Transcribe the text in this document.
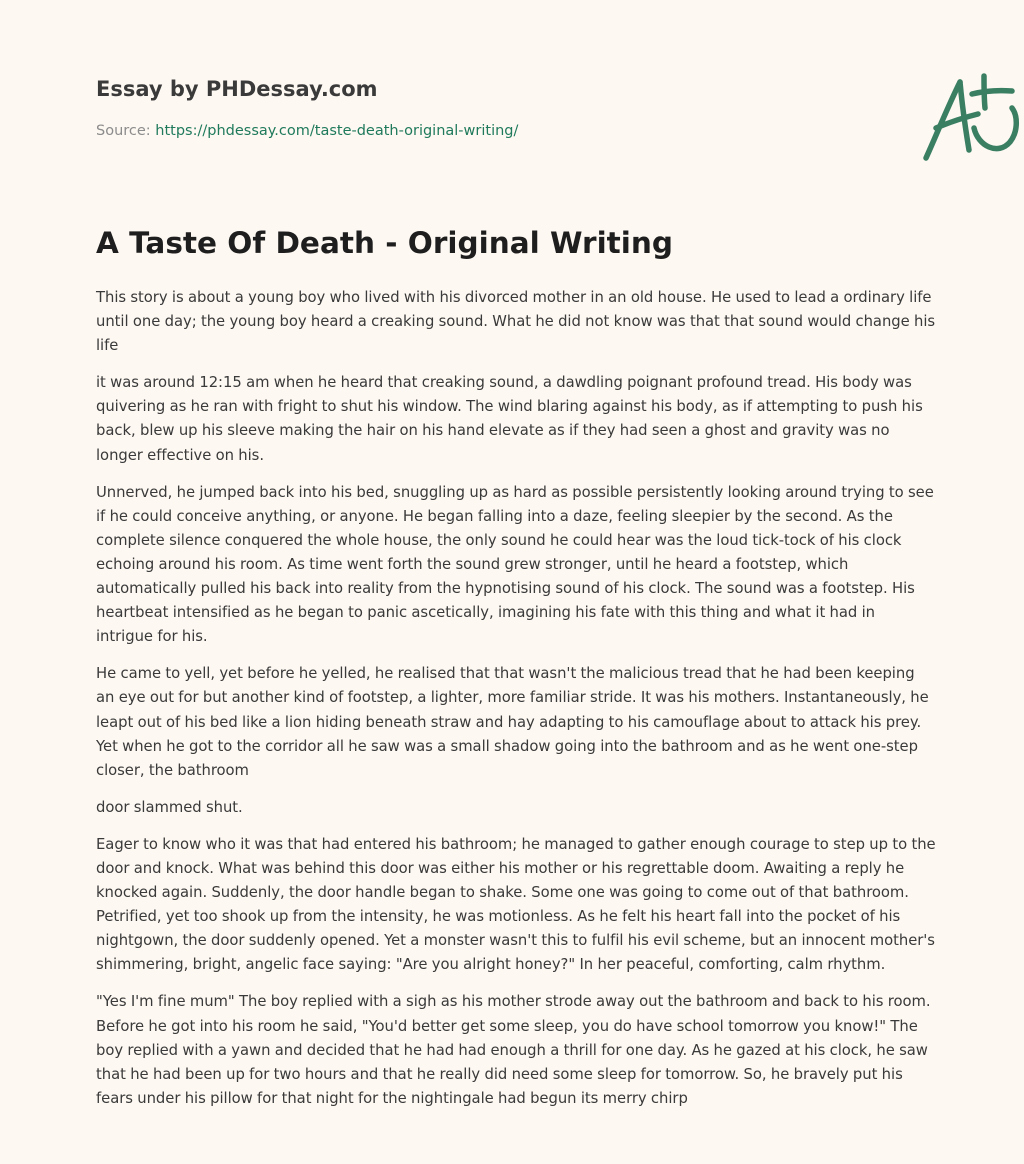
Essay by PHDessay.com
Source: https://phdessay.com/taste-death-original-writing/
A Taste Of Death - Original Writing

This story is about a young boy who lived with his divorced mother in an old house. He used to lead a ordinary life until one day; the young boy heard a creaking sound. What he did not know was that that sound would change his life

it was around 12:15 am when he heard that creaking sound, a dawdling poignant profound tread. His body was quivering as he ran with fright to shut his window. The wind blaring against his body, as if attempting to push his back, blew up his sleeve making the hair on his hand elevate as if they had seen a ghost and gravity was no longer effective on his.

Unnerved, he jumped back into his bed, snuggling up as hard as possible persistently looking around trying to see if he could conceive anything, or anyone. He began falling into a daze, feeling sleepier by the second. As the complete silence conquered the whole house, the only sound he could hear was the loud tick-tock of his clock echoing around his room. As time went forth the sound grew stronger, until he heard a footstep, which automatically pulled his back into reality from the hypnotising sound of his clock. The sound was a footstep. His heartbeat intensified as he began to panic ascetically, imagining his fate with this thing and what it had in intrigue for his.

He came to yell, yet before he yelled, he realised that that wasn't the malicious tread that he had been keeping an eye out for but another kind of footstep, a lighter, more familiar stride. It was his mothers. Instantaneously, he leapt out of his bed like a lion hiding beneath straw and hay adapting to his camouflage about to attack his prey. Yet when he got to the corridor all he saw was a small shadow going into the bathroom and as he went one-step closer, the bathroom

door slammed shut.

Eager to know who it was that had entered his bathroom; he managed to gather enough courage to step up to the door and knock. What was behind this door was either his mother or his regrettable doom. Awaiting a reply he knocked again. Suddenly, the door handle began to shake. Some one was going to come out of that bathroom. Petrified, yet too shook up from the intensity, he was motionless. As he felt his heart fall into the pocket of his nightgown, the door suddenly opened. Yet a monster wasn't this to fulfil his evil scheme, but an innocent mother's shimmering, bright, angelic face saying: "Are you alright honey?" In her peaceful, comforting, calm rhythm.

"Yes I'm fine mum" The boy replied with a sigh as his mother strode away out the bathroom and back to his room. Before he got into his room he said, "You'd better get some sleep, you do have school tomorrow you know!" The boy replied with a yawn and decided that he had had enough a thrill for one day. As he gazed at his clock, he saw that he had been up for two hours and that he really did need some sleep for tomorrow. So, he bravely put his fears under his pillow for that night for the nightingale had begun its merry chirp
